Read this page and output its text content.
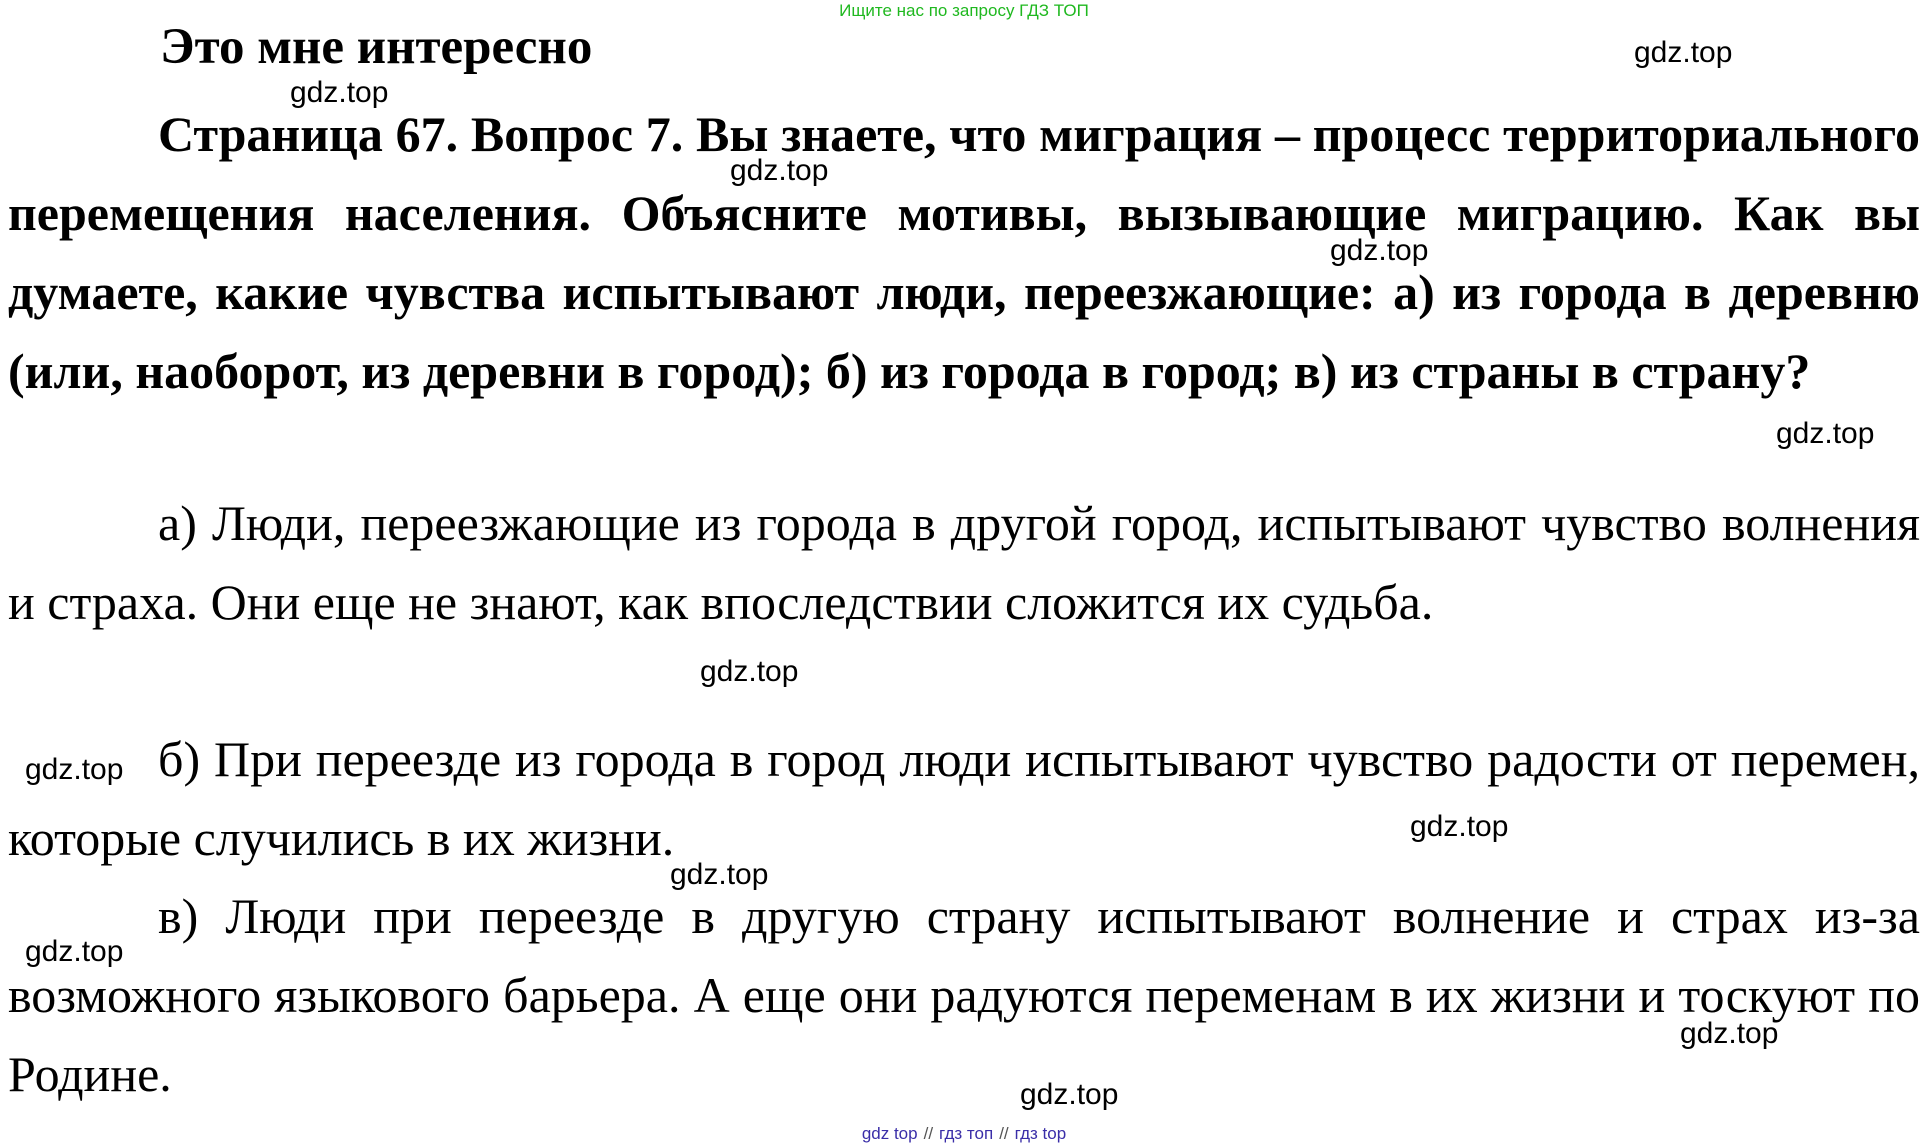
Ищите нас по запросу ГДЗ ТОП
Это мне интересно

Страница 67. Вопрос 7. Вы знаете, что миграция – процесс территориального перемещения населения. Объясните мотивы, вызывающие миграцию. Как вы думаете, какие чувства испытывают люди, переезжающие: а) из города в деревню (или, наоборот, из деревни в город); б) из города в город; в) из страны в страну?

а) Люди, переезжающие из города в другой город, испытывают чувство волнения и страха. Они еще не знают, как впоследствии сложится их судьба.

б) При переезде из города в город люди испытывают чувство радости от перемен, которые случились в их жизни.

в) Люди при переезде в другую страну испытывают волнение и страх из-за возможного языкового барьера. А еще они радуются переменам в их жизни и тоскуют по Родине.

gdz.top
gdz.top
gdz.top
gdz.top
gdz.top
gdz.top
gdz.top
gdz.top
gdz.top
gdz.top
gdz.top
gdz.top
gdz top // гдз топ // гдз top
